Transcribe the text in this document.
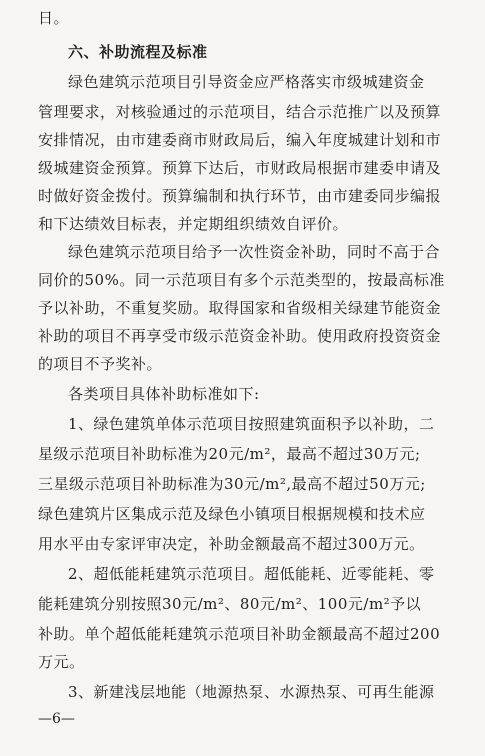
日。
六、补助流程及标准
绿色建筑示范项目引导资金应严格落实市级城建资金
管理要求，对核验通过的示范项目，结合示范推广以及预算
安排情况，由市建委商市财政局后，编入年度城建计划和市
级城建资金预算。预算下达后，市财政局根据市建委申请及
时做好资金拨付。预算编制和执行环节，由市建委同步编报
和下达绩效目标表，并定期组织绩效自评价。
绿色建筑示范项目给予一次性资金补助，同时不高于合
同价的50%。同一示范项目有多个示范类型的，按最高标准
予以补助，不重复奖励。取得国家和省级相关绿建节能资金
补助的项目不再享受市级示范资金补助。使用政府投资资金
的项目不予奖补。
各类项目具体补助标准如下:
1、绿色建筑单体示范项目按照建筑面积予以补助，二
星级示范项目补助标准为20元/m²，最高不超过30万元;
三星级示范项目补助标准为30元/m²,最高不超过50万元;
绿色建筑片区集成示范及绿色小镇项目根据规模和技术应
用水平由专家评审决定，补助金额最高不超过300万元。
2、超低能耗建筑示范项目。超低能耗、近零能耗、零
能耗建筑分别按照30元/m²、80元/m²、100元/m²予以
补助。单个超低能耗建筑示范项目补助金额最高不超过200
万元。
3、新建浅层地能（地源热泵、水源热泵、可再生能源
—6—
